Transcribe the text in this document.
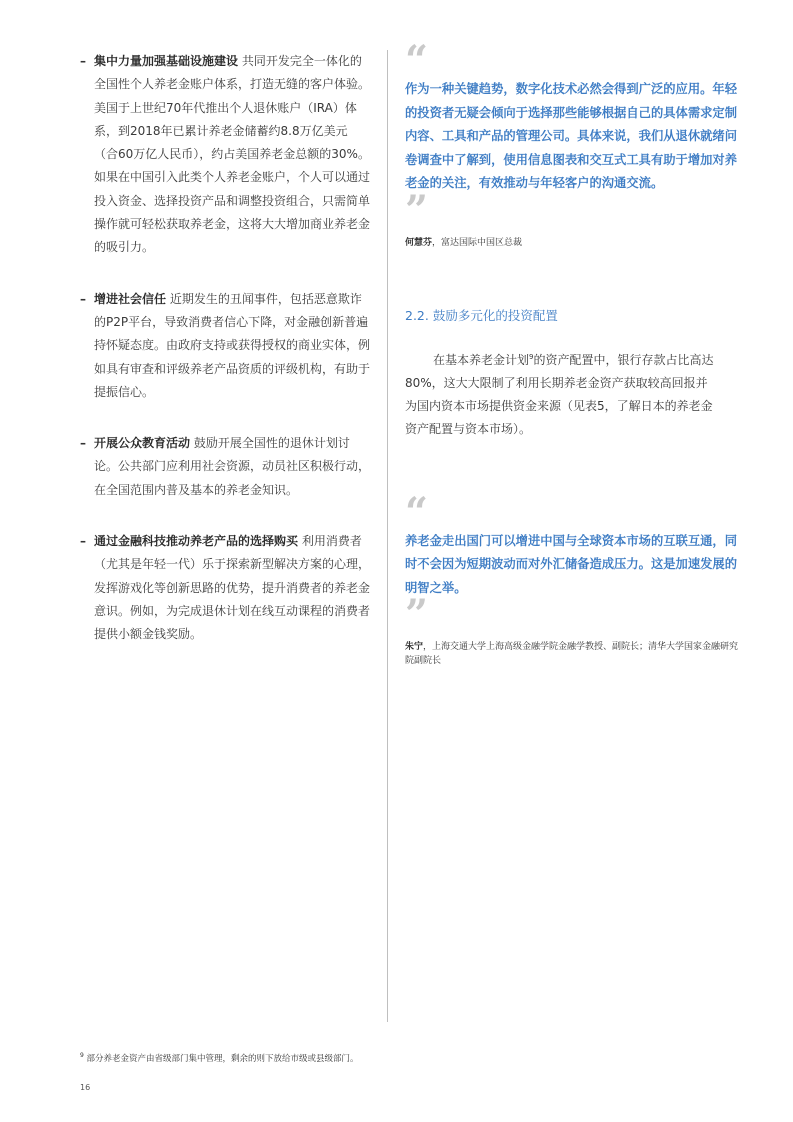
– 集中力量加强基础设施建设 共同开发完全一体化的全国性个人养老金账户体系，打造无缝的客户体验。美国于上世纪70年代推出个人退休账户（IRA）体系，到2018年已累计养老金储蓄约8.8万亿美元（合60万亿人民币），约占美国养老金总额的30%。如果在中国引入此类个人养老金账户，个人可以通过投入资金、选择投资产品和调整投资组合，只需简单操作就可轻松获取养老金，这将大大增加商业养老金的吸引力。
– 增进社会信任 近期发生的丑闻事件，包括恶意欺诈的P2P平台，导致消费者信心下降，对金融创新普遍持怀疑态度。由政府支持或获得授权的商业实体，例如具有审查和评级养老产品资质的评级机构，有助于提振信心。
– 开展公众教育活动 鼓励开展全国性的退休计划讨论。公共部门应利用社会资源，动员社区积极行动，在全国范围内普及基本的养老金知识。
– 通过金融科技推动养老产品的选择购买 利用消费者（尤其是年轻一代）乐于探索新型解决方案的心理，发挥游戏化等创新思路的优势，提升消费者的养老金意识。例如，为完成退休计划在线互动课程的消费者提供小额金钱奖励。
“
作为一种关键趋势，数字化技术必然会得到广泛的应用。年轻的投资者无疑会倾向于选择那些能够根据自己的具体需求定制内容、工具和产品的管理公司。具体来说，我们从退休就绪问卷调查中了解到，使用信息图表和交互式工具有助于增加对养老金的关注，有效推动与年轻客户的沟通交流。
”
何慧芬，富达国际中国区总裁
2.2. 鼓励多元化的投资配置
在基本养老金计划$^9$的资产配置中，银行存款占比高达80%，这大大限制了利用长期养老金资产获取较高回报并为国内资本市场提供资金来源（见表5，了解日本的养老金资产配置与资本市场）。
“
养老金走出国门可以增进中国与全球资本市场的互联互通，同时不会因为短期波动而对外汇储备造成压力。这是加速发展的明智之举。
”
朱宁，上海交通大学上海高级金融学院金融学教授、副院长；清华大学国家金融研究院副院长
$^9$ 部分养老金资产由省级部门集中管理，剩余的则下放给市级或县级部门。
16
